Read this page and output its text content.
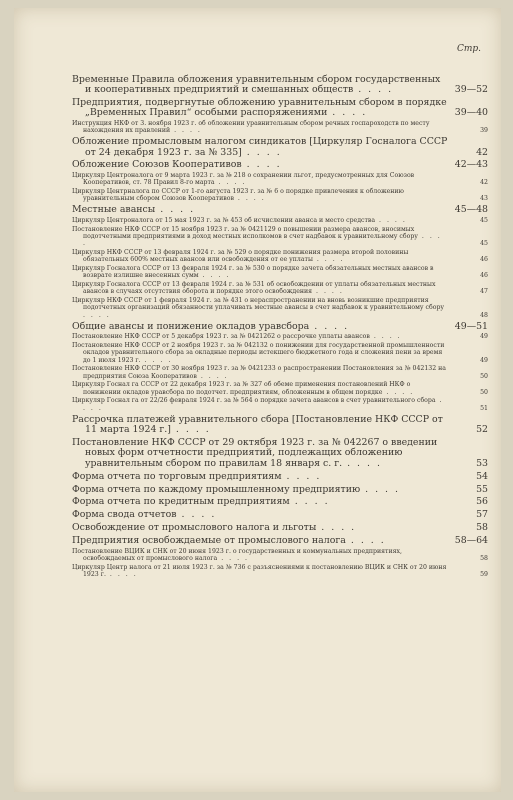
Стр.
Временные Правила обложения уравнительным сбором государственных и кооперативных предприятий и смешанных обществ . . . .	39—52
Предприятия, подвергнутые обложению уравнительным сбором в порядке „Временных Правил“ особыми распоряжениями . . . .	39—40
Инструкция НКФ от 3. ноября 1923 г. об обложении уравнительным сбором речных госпароходств по месту нахождения их правлений . . . .	39
Обложение промысловым налогом синдикатов [Циркуляр Госналога СССР от 24 декабря 1923 г. за № 335] . . . .	42
Обложение Союзов Кооперативов . . . .	42—43
Циркуляр Центроналога от 9 марта 1923 г. за № 218 о сохранении льгот, предусмотренных для Союзов Кооперативов, ст. 78 Правил 8-го марта . . . .	42
Циркуляр Центрналога по СССР от 1-го августа 1923 г. за № 6 о порядке привлечения к обложению уравнительным сбором Союзов Кооперативов . . . .	43
Местные авансы . . . .	45—48
Циркуляр Центроналога от 15 мая 1923 г. за № 453 об исчислении аванса и место средства . . . .	45
Постановление НКФ СССР от 15 ноября 1923 г. за № 0421129 о повышении размера авансов, вносимых подотчетными предприятиями в доход местных исполкомов в счет надбавок к уравнительному сбору . . . .	45
Циркуляр НКФ СССР от 13 февраля 1924 г. за № 529 о порядке понижения размера второй половины обязательных 600% местных авансов или освобождения от ее уплаты . . . .	46
Циркуляр Госналога СССР от 13 февраля 1924 г. за № 530 о порядке зачета обязательных местных авансов в возврате излишне внесенных сумм . . . .	46
Циркуляр Госналога СССР от 13 февраля 1924 г. за № 531 об освобождении от уплаты обязательных местных авансов в случаях отсутствия оборота и порядке этого освобождения . . . .	47
Циркуляр НКФ СССР от 1 февраля 1924 г. за № 431 о нераспространении на вновь возникшие предприятия подотчетных организаций обязанности уплачивать местные авансы в счет надбавок к уравнительному сбору . . . .	48
Общие авансы и понижение окладов уравсбора . . . .	49—51
Постановление НКФ СССР от 5 декабря 1923 г. за № 0421262 о рассрочке уплаты авансов . . . .	49
Постановление НКФ СССР от 2 ноября 1923 г. за № 042132 о понижении для государственной промышленности окладов уравнительного сбора за окладные периоды истекшего бюджетного года и сложения пени за время до 1 июля 1923 г. . . . .	49
Постановление НКФ СССР от 30 ноября 1923 г. за № 0421233 о распространении Постановления за № 042132 на предприятия Союза Кооперативов . . . .	50
Циркуляр Госнал га СССР от 22 декабря 1923 г. за № 327 об обеме применения постановлений НКФ о понижении окладов уравсбора по подотчет. предприятиям, обложенным в общем порядке . . . .	50
Циркуляр Госнал га от 22/26 февраля 1924 г. за № 564 о порядке зачета авансов в счет уравнительного сбора . . . .	51
Рассрочка платежей уравнительного сбора [Постановление НКФ СССР от 11 марта 1924 г.] . . . .	52
Постановление НКФ СССР от 29 октября 1923 г. за № 042267 о введении новых форм отчетности предприятий, подлежащих обложению уравнительным сбором по правилам 18 января с. г. . . . .	53
Форма отчета по торговым предприятиям . . . .	54
Форма отчета по каждому промышленному предприятию . . . .	55
Форма отчета по кредитным предприятиям . . . .	56
Форма свода отчетов . . . .	57
Освобождение от промыслового налога и льготы . . . .	58
Предприятия освобождаемые от промыслового налога . . . .	58—64
Постановление ВЦИК и СНК от 20 июня 1923 г. о государственных и коммунальных предприятиях, освобождаемых от промыслового налога . . . .	58
Циркуляр Центр налога от 21 июля 1923 г. за № 736 с разъяснениями к постановлению ВЦИК и СНК от 20 июня 1923 г. . . . .	59
